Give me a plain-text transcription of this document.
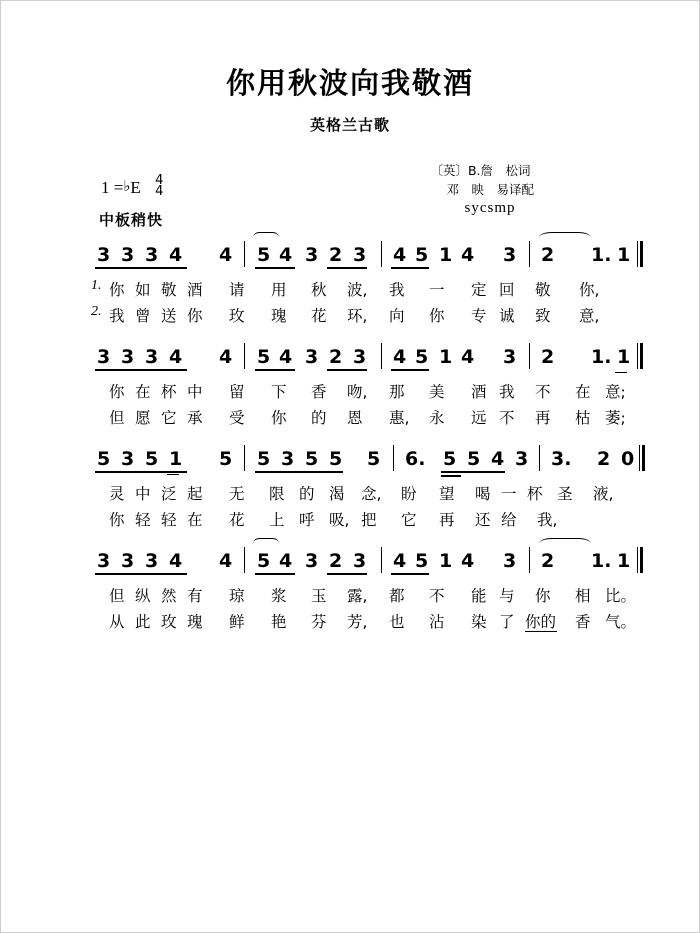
你用秋波向我敬酒
英格兰古歌
〔英〕B.詹　松词
邓　映　易译配
sycsmp
1 =♭E 4
4
中板稍快
3 3 3 4 4 5 4 3 2 3 4 5 1 4 3 2 1. 1
1. 你 如 敬 酒 请 用 秋 波, 我 一 定 回 敬 你,
2. 我 曾 送 你 玫 瑰 花 环, 向 你 专 诚 致 意,
3 3 3 4 4 5 4 3 2 3 4 5 1 4 3 2 1. 1
你 在 杯 中 留 下 香 吻, 那 美 酒 我 不 在 意;
但 愿 它 承 受 你 的 恩 惠, 永 远 不 再 枯 萎;
5 3 5 1 5 5 3 5 5 5 6. 5 5 4 3 3. 2 0
灵 中 泛 起 无 限 的 渴 念, 盼 望 喝 一 杯 圣 液,
你 轻 轻 在 花 上 呼 吸, 把 它 再 还 给 我,
3 3 3 4 4 5 4 3 2 3 4 5 1 4 3 2 1. 1
但 纵 然 有 琼 浆 玉 露, 都 不 能 与 你 相 比。
从 此 玫 瑰 鲜 艳 芬 芳, 也 沾 染 了 你的 香 气。
